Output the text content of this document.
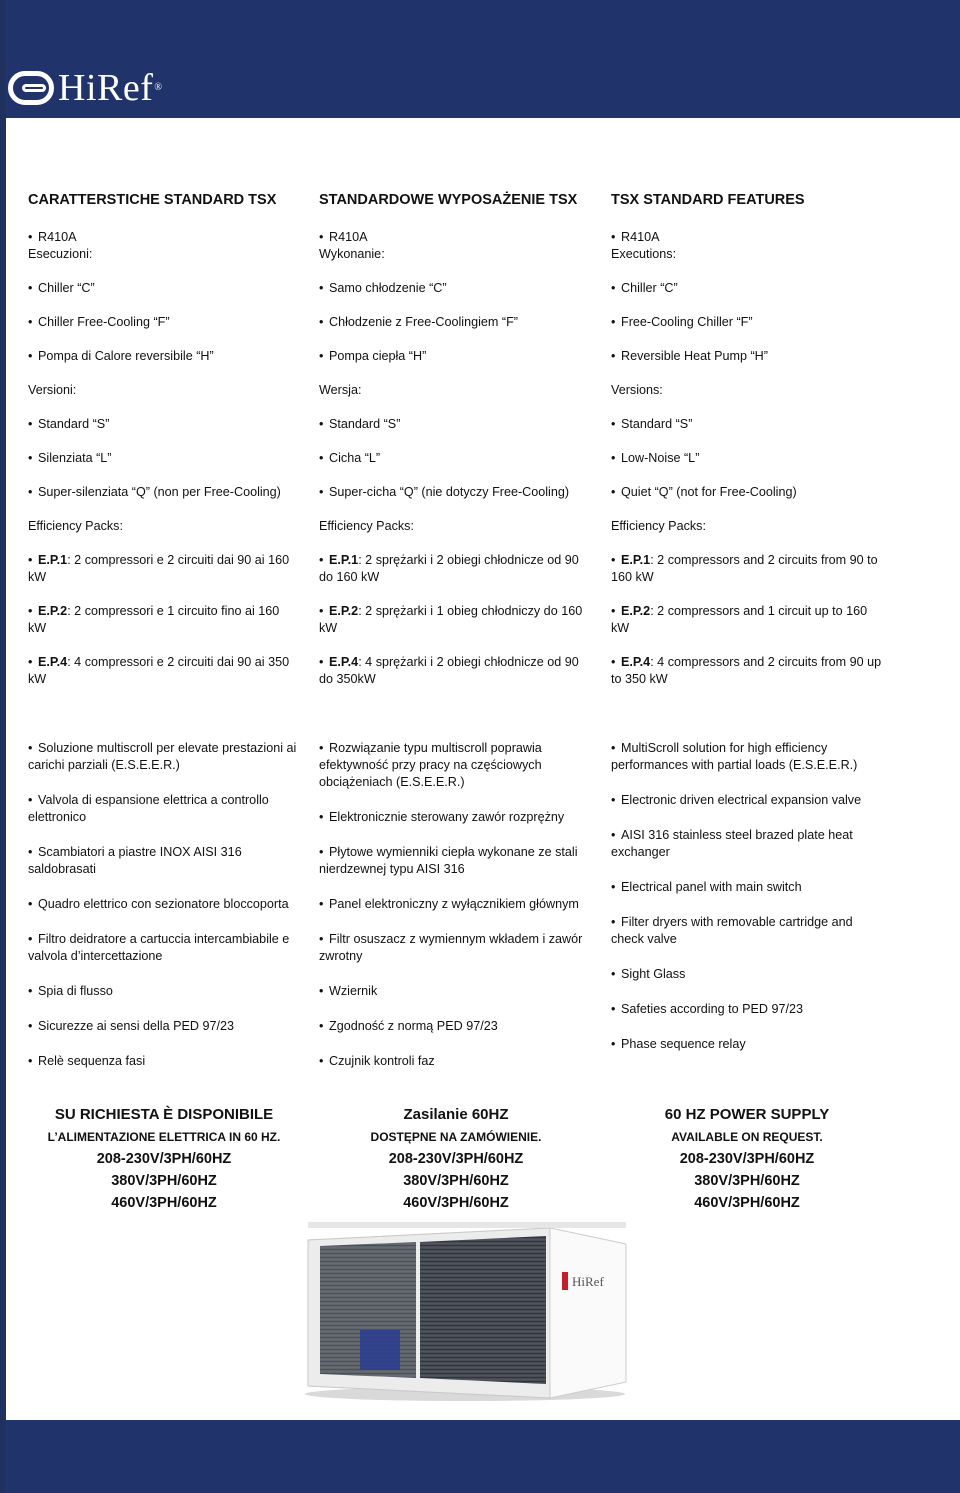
HiRef®
CARATTERSTICHE STANDARD TSX
• R410A
Esecuzioni:
• Chiller “C”
• Chiller Free-Cooling “F”
• Pompa di Calore reversibile “H”
Versioni:
• Standard “S”
• Silenziata “L”
• Super-silenziata “Q” (non per Free-Cooling)
Efficiency Packs:
• E.P.1: 2 compressori e 2 circuiti dai 90 ai 160 kW
• E.P.2: 2 compressori e 1 circuito fino ai 160 kW
• E.P.4: 4 compressori e 2 circuiti dai 90 ai 350 kW
STANDARDOWE WYPOSAŻENIE TSX
• R410A
Wykonanie:
• Samo chłodzenie “C”
• Chłodzenie z Free-Coolingiem “F”
• Pompa ciepła “H”
Wersja:
• Standard “S”
• Cicha “L”
• Super-cicha “Q” (nie dotyczy Free-Cooling)
Efficiency Packs:
• E.P.1: 2 sprężarki i 2 obiegi chłodnicze od 90 do 160 kW
• E.P.2: 2 sprężarki i 1 obieg chłodniczy do 160 kW
• E.P.4: 4 sprężarki i 2 obiegi chłodnicze od 90 do 350kW
TSX STANDARD FEATURES
• R410A
Executions:
• Chiller “C”
• Free-Cooling Chiller “F”
• Reversible Heat Pump “H”
Versions:
• Standard “S”
• Low-Noise “L”
• Quiet “Q” (not for Free-Cooling)
Efficiency Packs:
• E.P.1: 2 compressors and 2 circuits from 90 to 160 kW
• E.P.2: 2 compressors and 1 circuit up to 160 kW
• E.P.4: 4 compressors and 2 circuits from 90 up to 350 kW
• Soluzione multiscroll per elevate prestazioni ai carichi parziali (E.S.E.E.R.)
• Valvola di espansione elettrica a controllo elettronico
• Scambiatori a piastre INOX AISI 316 saldobrasati
• Quadro elettrico con sezionatore bloccoporta
• Filtro deidratore a cartuccia intercambiabile e valvola d’intercettazione
• Spia di flusso
• Sicurezze ai sensi della PED 97/23
• Relè sequenza fasi
• Rozwiązanie typu multiscroll poprawia efektywność przy pracy na częściowych obciążeniach (E.S.E.E.R.)
• Elektronicznie sterowany zawór rozprężny
• Płytowe wymienniki ciepła wykonane ze stali nierdzewnej typu AISI 316
• Panel elektroniczny z wyłącznikiem głównym
• Filtr osuszacz z wymiennym wkładem i zawór zwrotny
• Wziernik
• Zgodność z normą PED 97/23
• Czujnik kontroli faz
• MultiScroll solution for high efficiency performances with partial loads (E.S.E.E.R.)
• Electronic driven electrical expansion valve
• AISI 316 stainless steel brazed plate heat exchanger
• Electrical panel with main switch
• Filter dryers with removable cartridge and check valve
• Sight Glass
• Safeties according to PED 97/23
• Phase sequence relay
SU RICHIESTA È DISPONIBILE
L’ALIMENTAZIONE ELETTRICA IN 60 HZ.
208-230V/3PH/60HZ
380V/3PH/60HZ
460V/3PH/60HZ
Zasilanie 60HZ
DOSTĘPNE NA ZAMÓWIENIE.
208-230V/3PH/60HZ
380V/3PH/60HZ
460V/3PH/60HZ
60 HZ POWER SUPPLY
AVAILABLE ON REQUEST.
208-230V/3PH/60HZ
380V/3PH/60HZ
460V/3PH/60HZ
HiRef
